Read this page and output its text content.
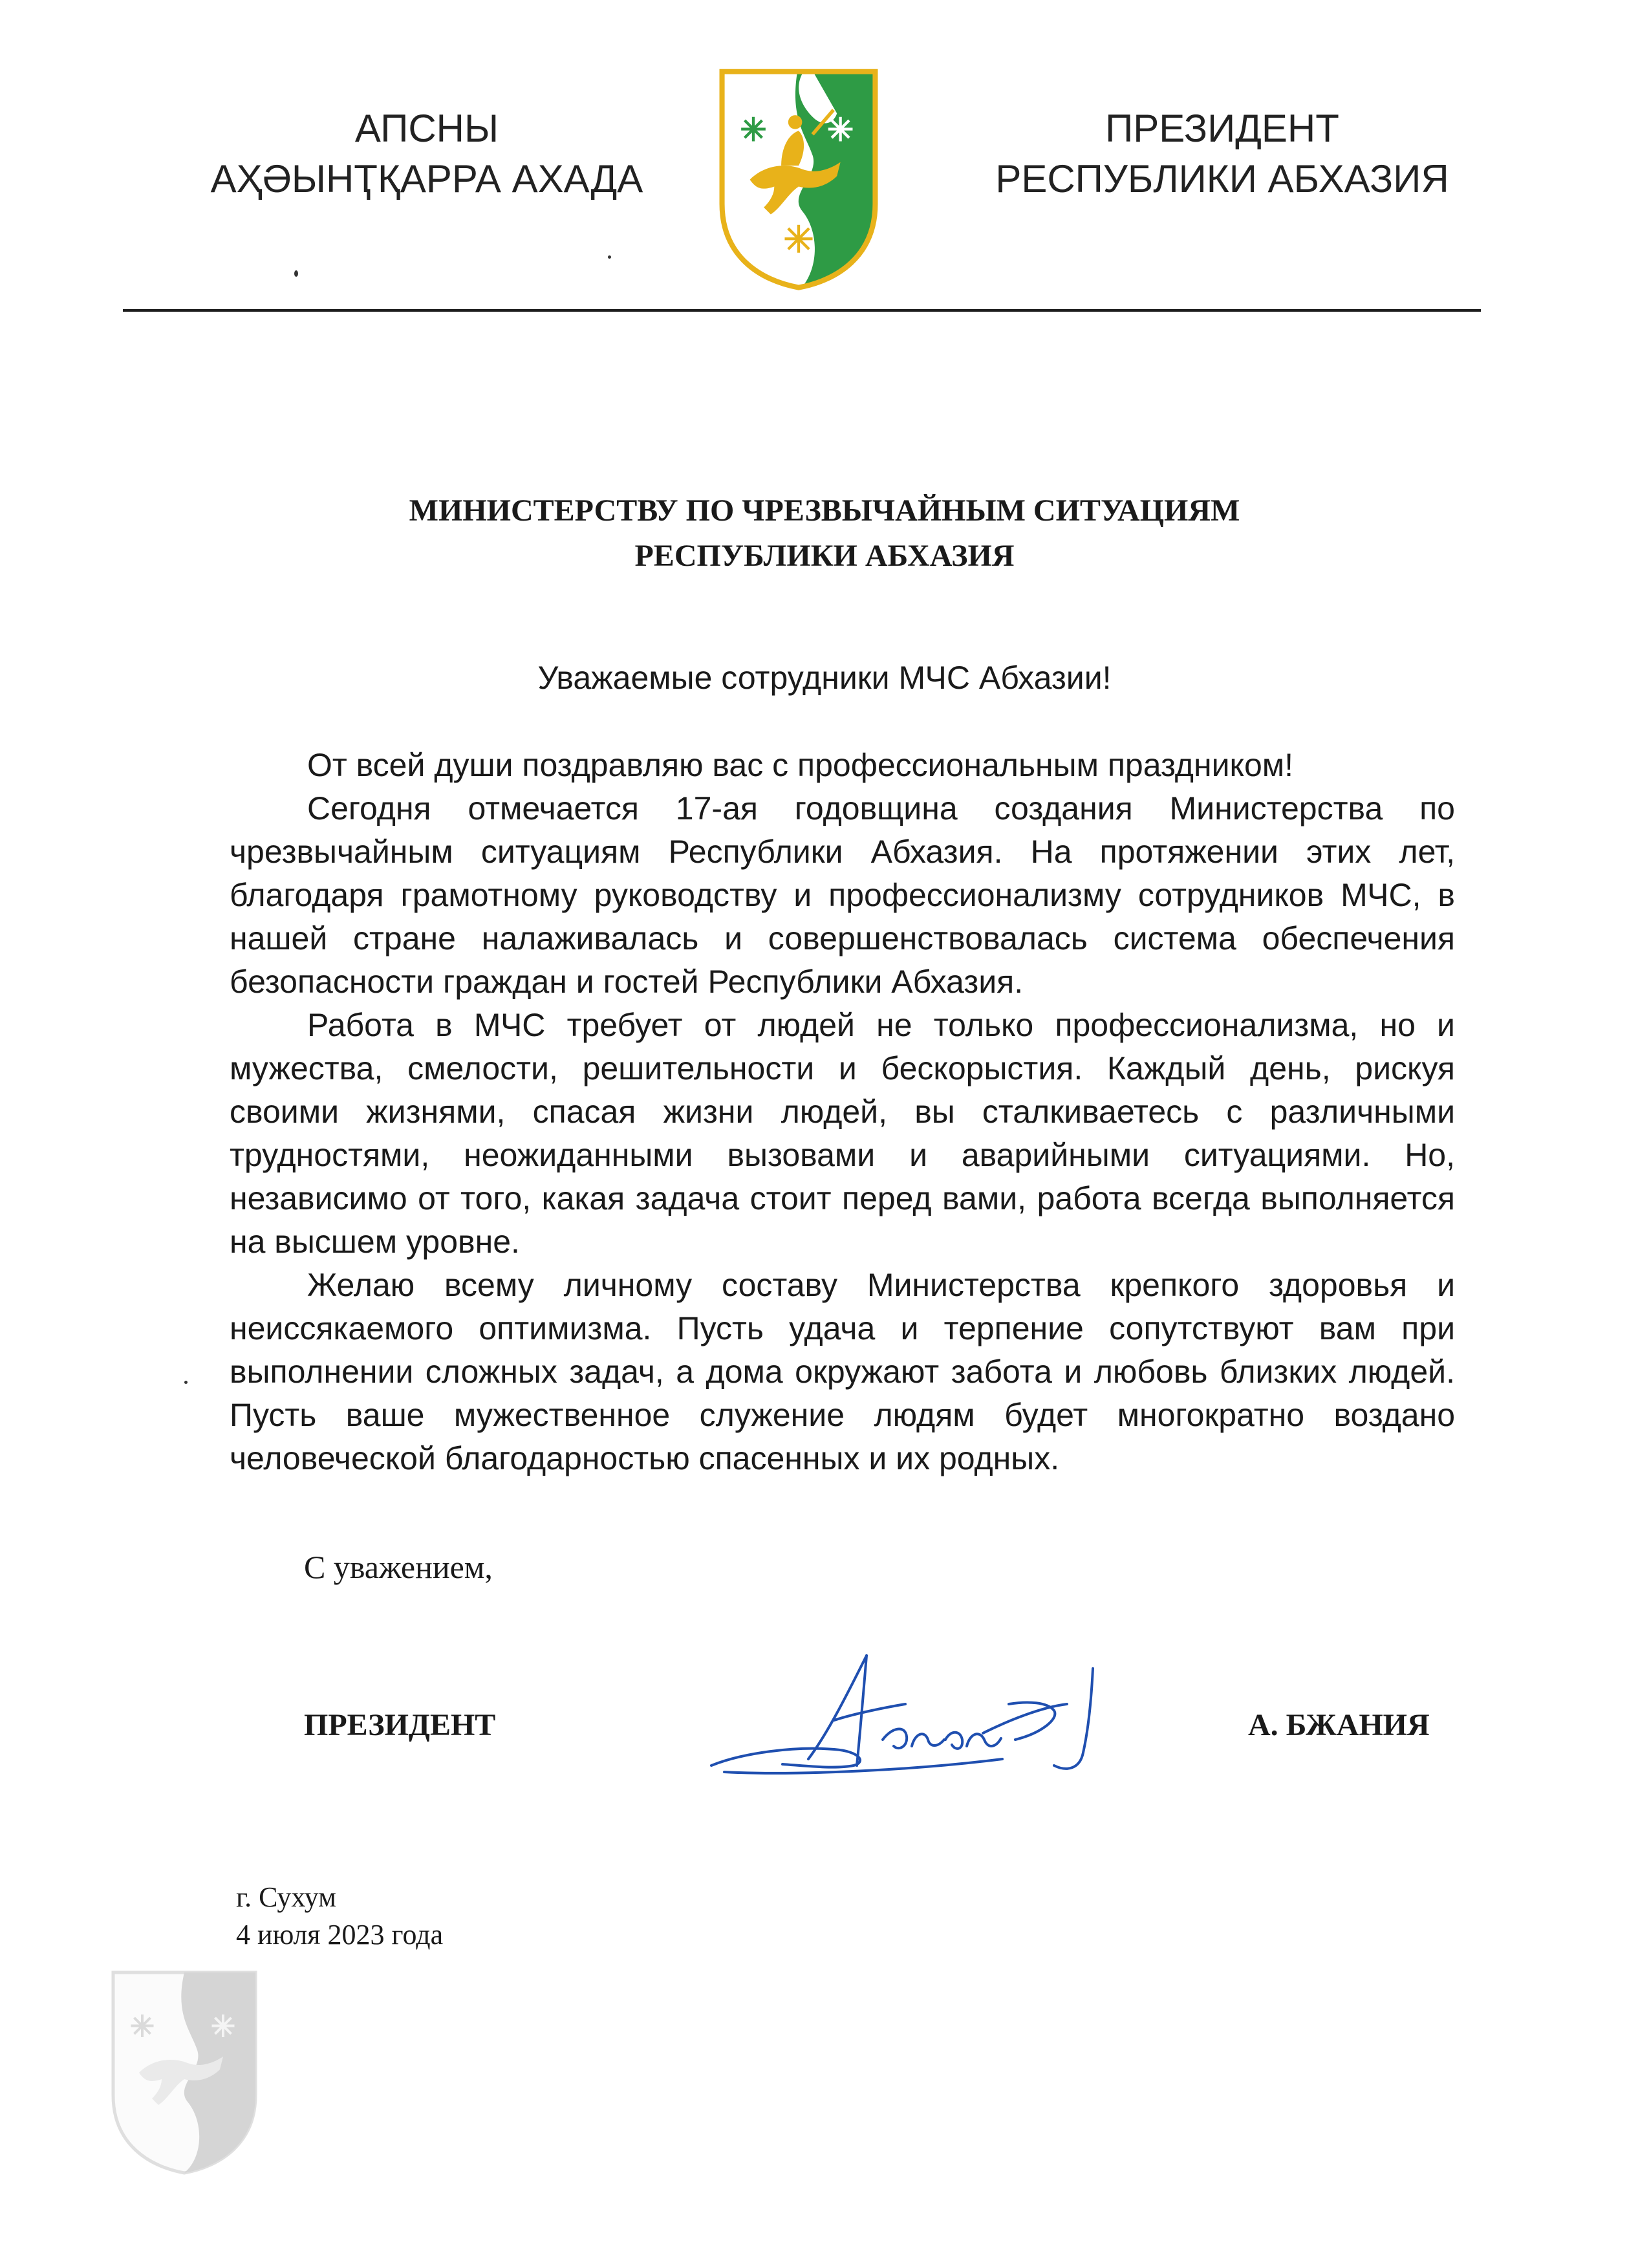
АПСНЫ
АҲӘЫНҬҚАРРА АХАДА
ПРЕЗИДЕНТ
РЕСПУБЛИКИ АБХАЗИЯ
МИНИСТЕРСТВУ ПО ЧРЕЗВЫЧАЙНЫМ СИТУАЦИЯМ
РЕСПУБЛИКИ АБХАЗИЯ
Уважаемые сотрудники МЧС Абхазии!

От всей души поздравляю вас с профессиональным праздником!

Сегодня отмечается 17-ая годовщина создания Министерства по чрезвычайным ситуациям Республики Абхазия. На протяжении этих лет, благодаря грамотному руководству и профессионализму сотрудников МЧС, в нашей стране налаживалась и совершенствовалась система обеспечения безопасности граждан и гостей Республики Абхазия.

Работа в МЧС требует от людей не только профессионализма, но и мужества, смелости, решительности и бескорыстия. Каждый день, рискуя своими жизнями, спасая жизни людей, вы сталкиваетесь с различными трудностями, неожиданными вызовами и аварийными ситуациями. Но, независимо от того, какая задача стоит перед вами, работа всегда выполняется на высшем уровне.

Желаю всему личному составу Министерства крепкого здоровья и неиссякаемого оптимизма. Пусть удача и терпение сопутствуют вам при выполнении сложных задач, а дома окружают забота и любовь близких людей. Пусть ваше мужественное служение людям будет многократно воздано человеческой благодарностью спасенных и их родных.

С уважением,
ПРЕЗИДЕНТ	А. БЖАНИЯ
г. Сухум
4 июля 2023 года
